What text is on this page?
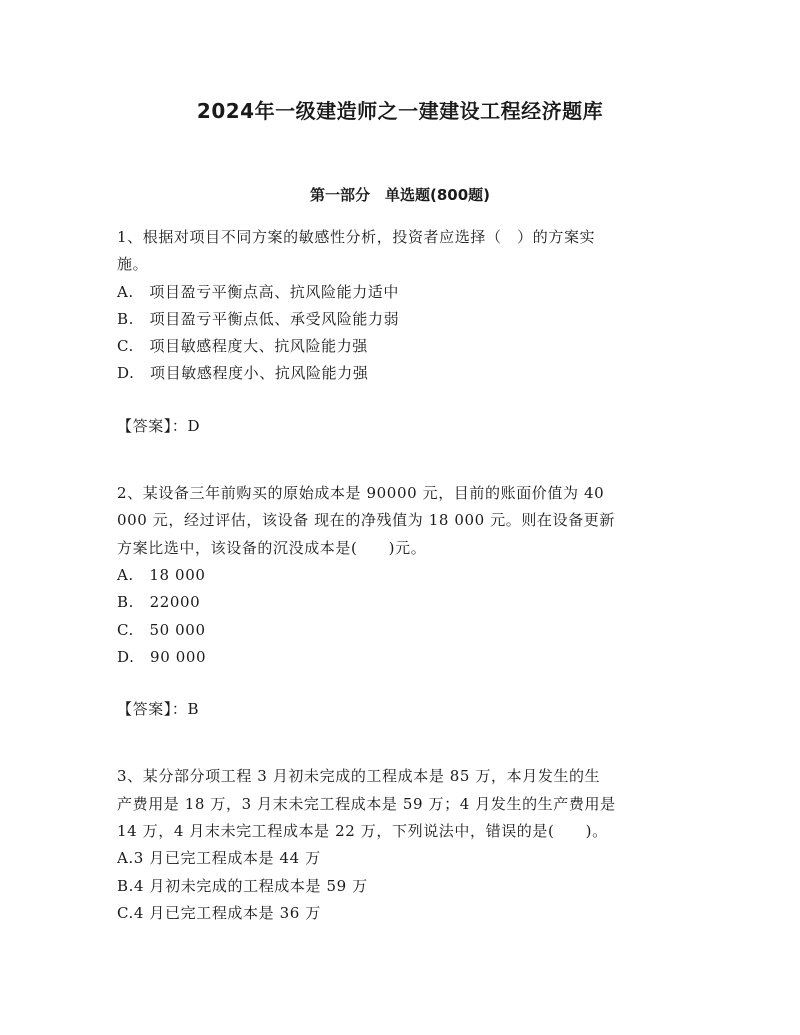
2024年一级建造师之一建建设工程经济题库
第一部分　单选题(800题)

1、根据对项目不同方案的敏感性分析，投资者应选择（　）的方案实
施。

A.　项目盈亏平衡点高、抗风险能力适中
B.　项目盈亏平衡点低、承受风险能力弱
C.　项目敏感程度大、抗风险能力强
D.　项目敏感程度小、抗风险能力强

【答案】：D

2、某设备三年前购买的原始成本是 90000 元，目前的账面价值为 40
000 元，经过评估，该设备 现在的净残值为 18 000 元。则在设备更新
方案比选中，该设备的沉没成本是(　　)元。

A.　18 000
B.　22000
C.　50 000
D.　90 000

【答案】：B

3、某分部分项工程 3 月初未完成的工程成本是 85 万，本月发生的生
产费用是 18 万，3 月末未完工程成本是 59 万；4 月发生的生产费用是
14 万，4 月末未完工程成本是 22 万，下列说法中，错误的是(　　)。

A.3 月已完工程成本是 44 万
B.4 月初未完成的工程成本是 59 万
C.4 月已完工程成本是 36 万
